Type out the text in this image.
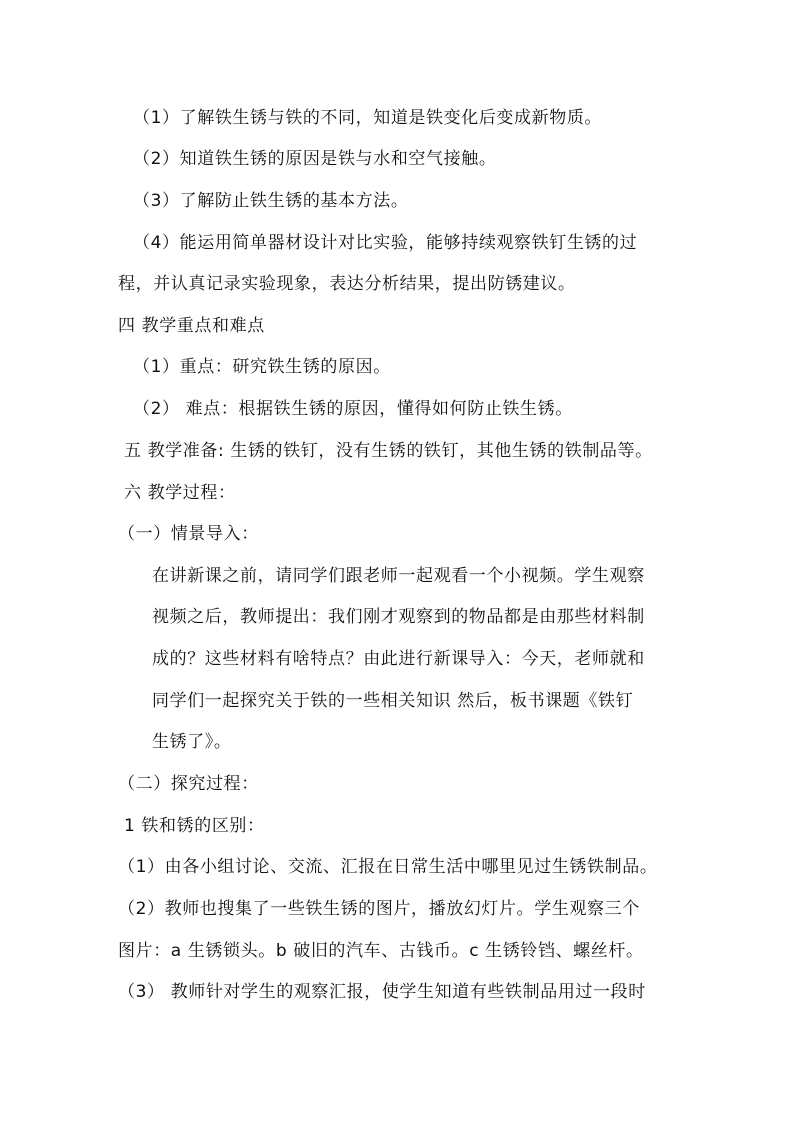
（1）了解铁生锈与铁的不同，知道是铁变化后变成新物质。
（2）知道铁生锈的原因是铁与水和空气接触。
（3）了解防止铁生锈的基本方法。
（4）能运用简单器材设计对比实验，能够持续观察铁钉生锈的过
程，并认真记录实验现象，表达分析结果，提出防锈建议。
四 教学重点和难点
（1）重点：研究铁生锈的原因。
（2） 难点：根据铁生锈的原因，懂得如何防止铁生锈。
五 教学准备: 生锈的铁钉，没有生锈的铁钉，其他生锈的铁制品等。
六 教学过程：
（一）情景导入：
在讲新课之前，请同学们跟老师一起观看一个小视频。学生观察
视频之后，教师提出：我们刚才观察到的物品都是由那些材料制
成的？这些材料有啥特点？由此进行新课导入：今天，老师就和
同学们一起探究关于铁的一些相关知识 然后，板书课题《铁钉
生锈了》。
（二）探究过程：
1 铁和锈的区别：
（1）由各小组讨论、交流、汇报在日常生活中哪里见过生锈铁制品。
（2）教师也搜集了一些铁生锈的图片，播放幻灯片。学生观察三个
图片：a 生锈锁头。b 破旧的汽车、古钱币。c 生锈铃铛、螺丝杆。
（3） 教师针对学生的观察汇报，使学生知道有些铁制品用过一段时
